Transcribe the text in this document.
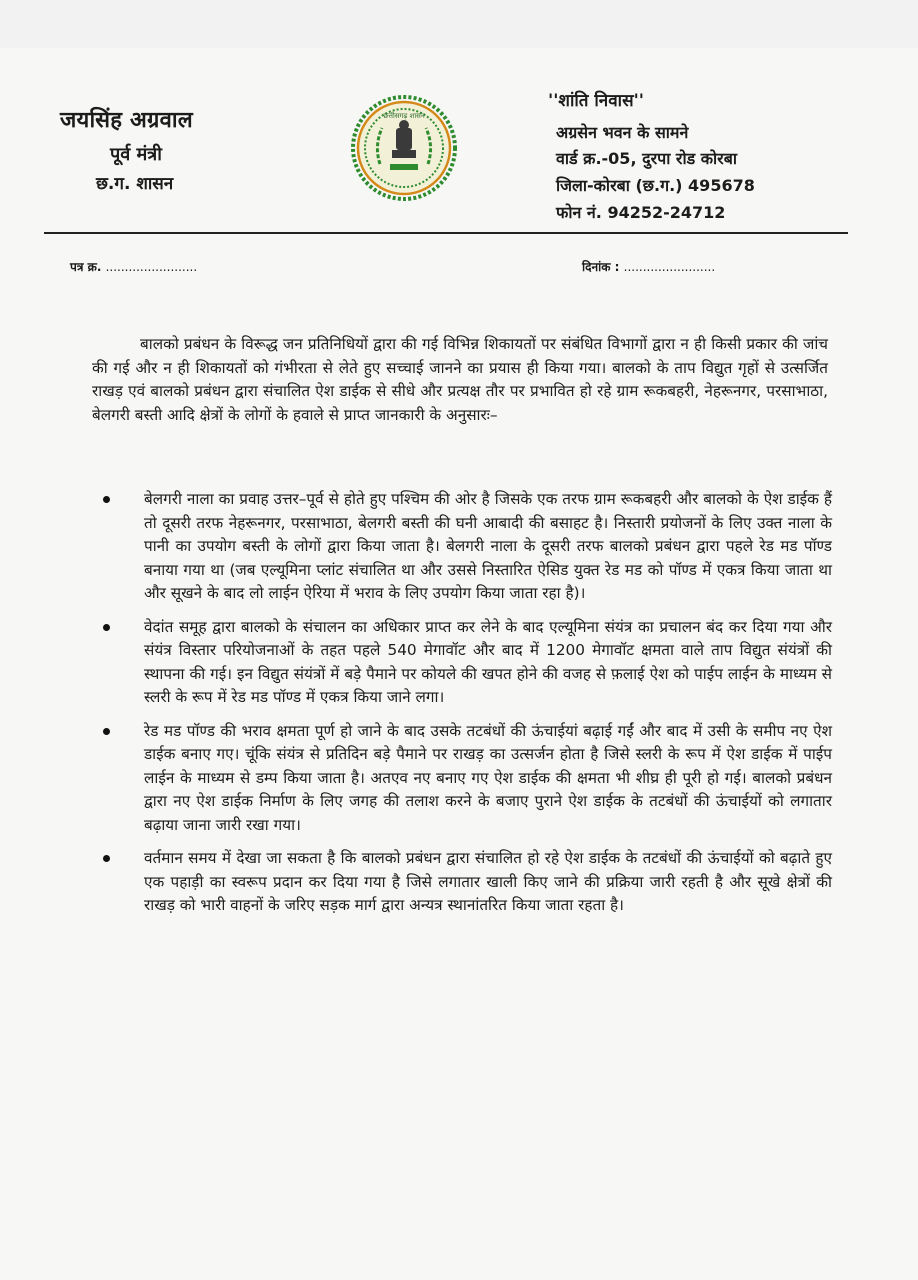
जयसिंह अग्रवाल
पूर्व मंत्री
छ.ग. शासन
छत्तीसगढ़ शासन
''शांति निवास''
अग्रसेन भवन के सामने
वार्ड क्र.-05, दुरपा रोड कोरबा
जिला-कोरबा (छ.ग.) 495678
फोन नं. 94252-24712
पत्र क्र. ........................	दिनांक : ........................

बालको प्रबंधन के विरूद्ध जन प्रतिनिधियों द्वारा की गई विभिन्न शिकायतों पर संबंधित विभागों द्वारा न ही किसी प्रकार की जांच की गई और न ही शिकायतों को गंभीरता से लेते हुए सच्चाई जानने का प्रयास ही किया गया। बालको के ताप विद्युत गृहों से उत्सर्जित राखड़ एवं बालको प्रबंधन द्वारा संचालित ऐश डाईक से सीधे और प्रत्यक्ष तौर पर प्रभावित हो रहे ग्राम रूकबहरी, नेहरूनगर, परसाभाठा, बेलगरी बस्ती आदि क्षेत्रों के लोगों के हवाले से प्राप्त जानकारी के अनुसारः–

बेलगरी नाला का प्रवाह उत्तर–पूर्व से होते हुए पश्चिम की ओर है जिसके एक तरफ ग्राम रूकबहरी और बालको के ऐश डाईक हैं तो दूसरी तरफ नेहरूनगर, परसाभाठा, बेलगरी बस्ती की घनी आबादी की बसाहट है। निस्तारी प्रयोजनों के लिए उक्त नाला के पानी का उपयोग बस्ती के लोगों द्वारा किया जाता है। बेलगरी नाला के दूसरी तरफ बालको प्रबंधन द्वारा पहले रेड मड पॉण्ड बनाया गया था (जब एल्यूमिना प्लांट संचालित था और उससे निस्तारित ऐसिड युक्त रेड मड को पॉण्ड में एकत्र किया जाता था और सूखने के बाद लो लाईन ऐरिया में भराव के लिए उपयोग किया जाता रहा है)।
वेदांत समूह द्वारा बालको के संचालन का अधिकार प्राप्त कर लेने के बाद एल्यूमिना संयंत्र का प्रचालन बंद कर दिया गया और संयंत्र विस्तार परियोजनाओं के तहत पहले 540 मेगावॉट और बाद में 1200 मेगावॉट क्षमता वाले ताप विद्युत संयंत्रों की स्थापना की गई। इन विद्युत संयंत्रों में बड़े पैमाने पर कोयले की खपत होने की वजह से फ़लाई ऐश को पाईप लाईन के माध्यम से स्लरी के रूप में रेड मड पॉण्ड में एकत्र किया जाने लगा।
रेड मड पॉण्ड की भराव क्षमता पूर्ण हो जाने के बाद उसके तटबंधों की ऊंचाईयां बढ़ाई गईं और बाद में उसी के समीप नए ऐश डाईक बनाए गए। चूंकि संयंत्र से प्रतिदिन बड़े पैमाने पर राखड़ का उत्सर्जन होता है जिसे स्लरी के रूप में ऐश डाईक में पाईप लाईन के माध्यम से डम्प किया जाता है। अतएव नए बनाए गए ऐश डाईक की क्षमता भी शीघ्र ही पूरी हो गई। बालको प्रबंधन द्वारा नए ऐश डाईक निर्माण के लिए जगह की तलाश करने के बजाए पुराने ऐश डाईक के तटबंधों की ऊंचाईयों को लगातार बढ़ाया जाना जारी रखा गया।
वर्तमान समय में देखा जा सकता है कि बालको प्रबंधन द्वारा संचालित हो रहे ऐश डाईक के तटबंधों की ऊंचाईयों को बढ़ाते हुए एक पहाड़ी का स्वरूप प्रदान कर दिया गया है जिसे लगातार खाली किए जाने की प्रक्रिया जारी रहती है और सूखे क्षेत्रों की राखड़ को भारी वाहनों के जरिए सड़क मार्ग द्वारा अन्यत्र स्थानांतरित किया जाता रहता है।
